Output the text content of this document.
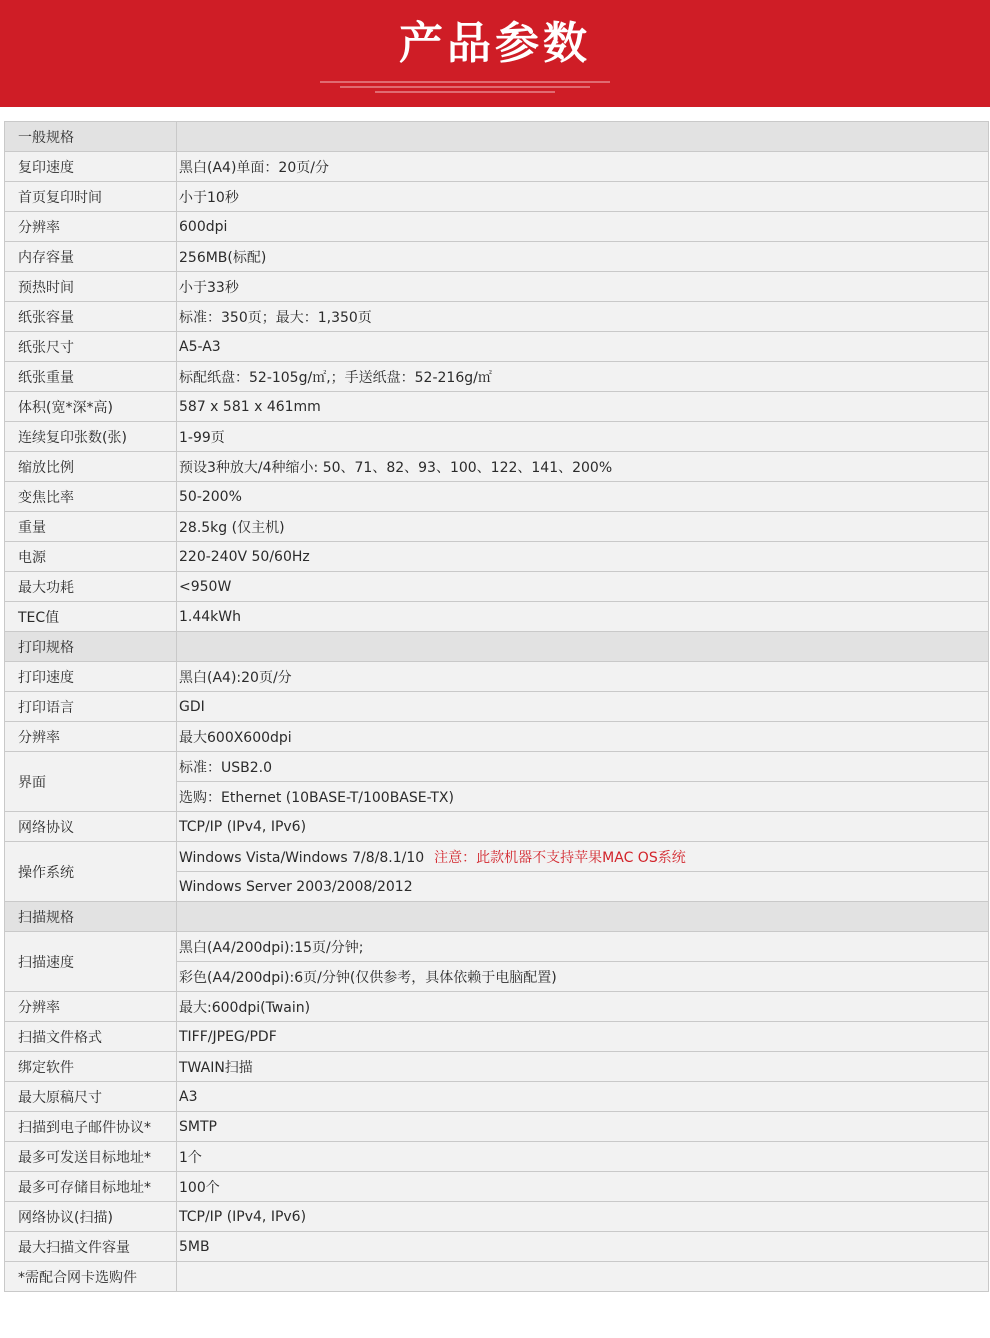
产品参数
一般规格	
复印速度	黑白(A4)单面：20页/分
首页复印时间	小于10秒
分辨率	600dpi
内存容量	256MB(标配)
预热时间	小于33秒
纸张容量	标准：350页；最大：1,350页
纸张尺寸	A5-A3
纸张重量	标配纸盘：52-105g/㎡,；手送纸盘：52-216g/㎡
体积(宽*深*高)	587 x 581 x 461mm
连续复印张数(张)	1-99页
缩放比例	预设3种放大/4种缩小: 50、71、82、93、100、122、141、200%
变焦比率	50-200%
重量	28.5kg (仅主机)
电源	220-240V 50/60Hz
最大功耗	<950W
TEC值	1.44kWh
打印规格	
打印速度	黑白(A4):20页/分
打印语言	GDI
分辨率	最大600X600dpi
界面	标准：USB2.0
	选购：Ethernet (10BASE-T/100BASE-TX)
网络协议	TCP/IP (IPv4, IPv6)
操作系统	Windows Vista/Windows 7/8/8.1/10 注意：此款机器不支持苹果MAC OS系统
	Windows Server 2003/2008/2012
扫描规格	
扫描速度	黑白(A4/200dpi):15页/分钟;
	彩色(A4/200dpi):6页/分钟(仅供参考，具体依赖于电脑配置)
分辨率	最大:600dpi(Twain)
扫描文件格式	TIFF/JPEG/PDF
绑定软件	TWAIN扫描
最大原稿尺寸	A3
扫描到电子邮件协议*	SMTP
最多可发送目标地址*	1个
最多可存储目标地址*	100个
网络协议(扫描)	TCP/IP (IPv4, IPv6)
最大扫描文件容量	5MB
*需配合网卡选购件	
